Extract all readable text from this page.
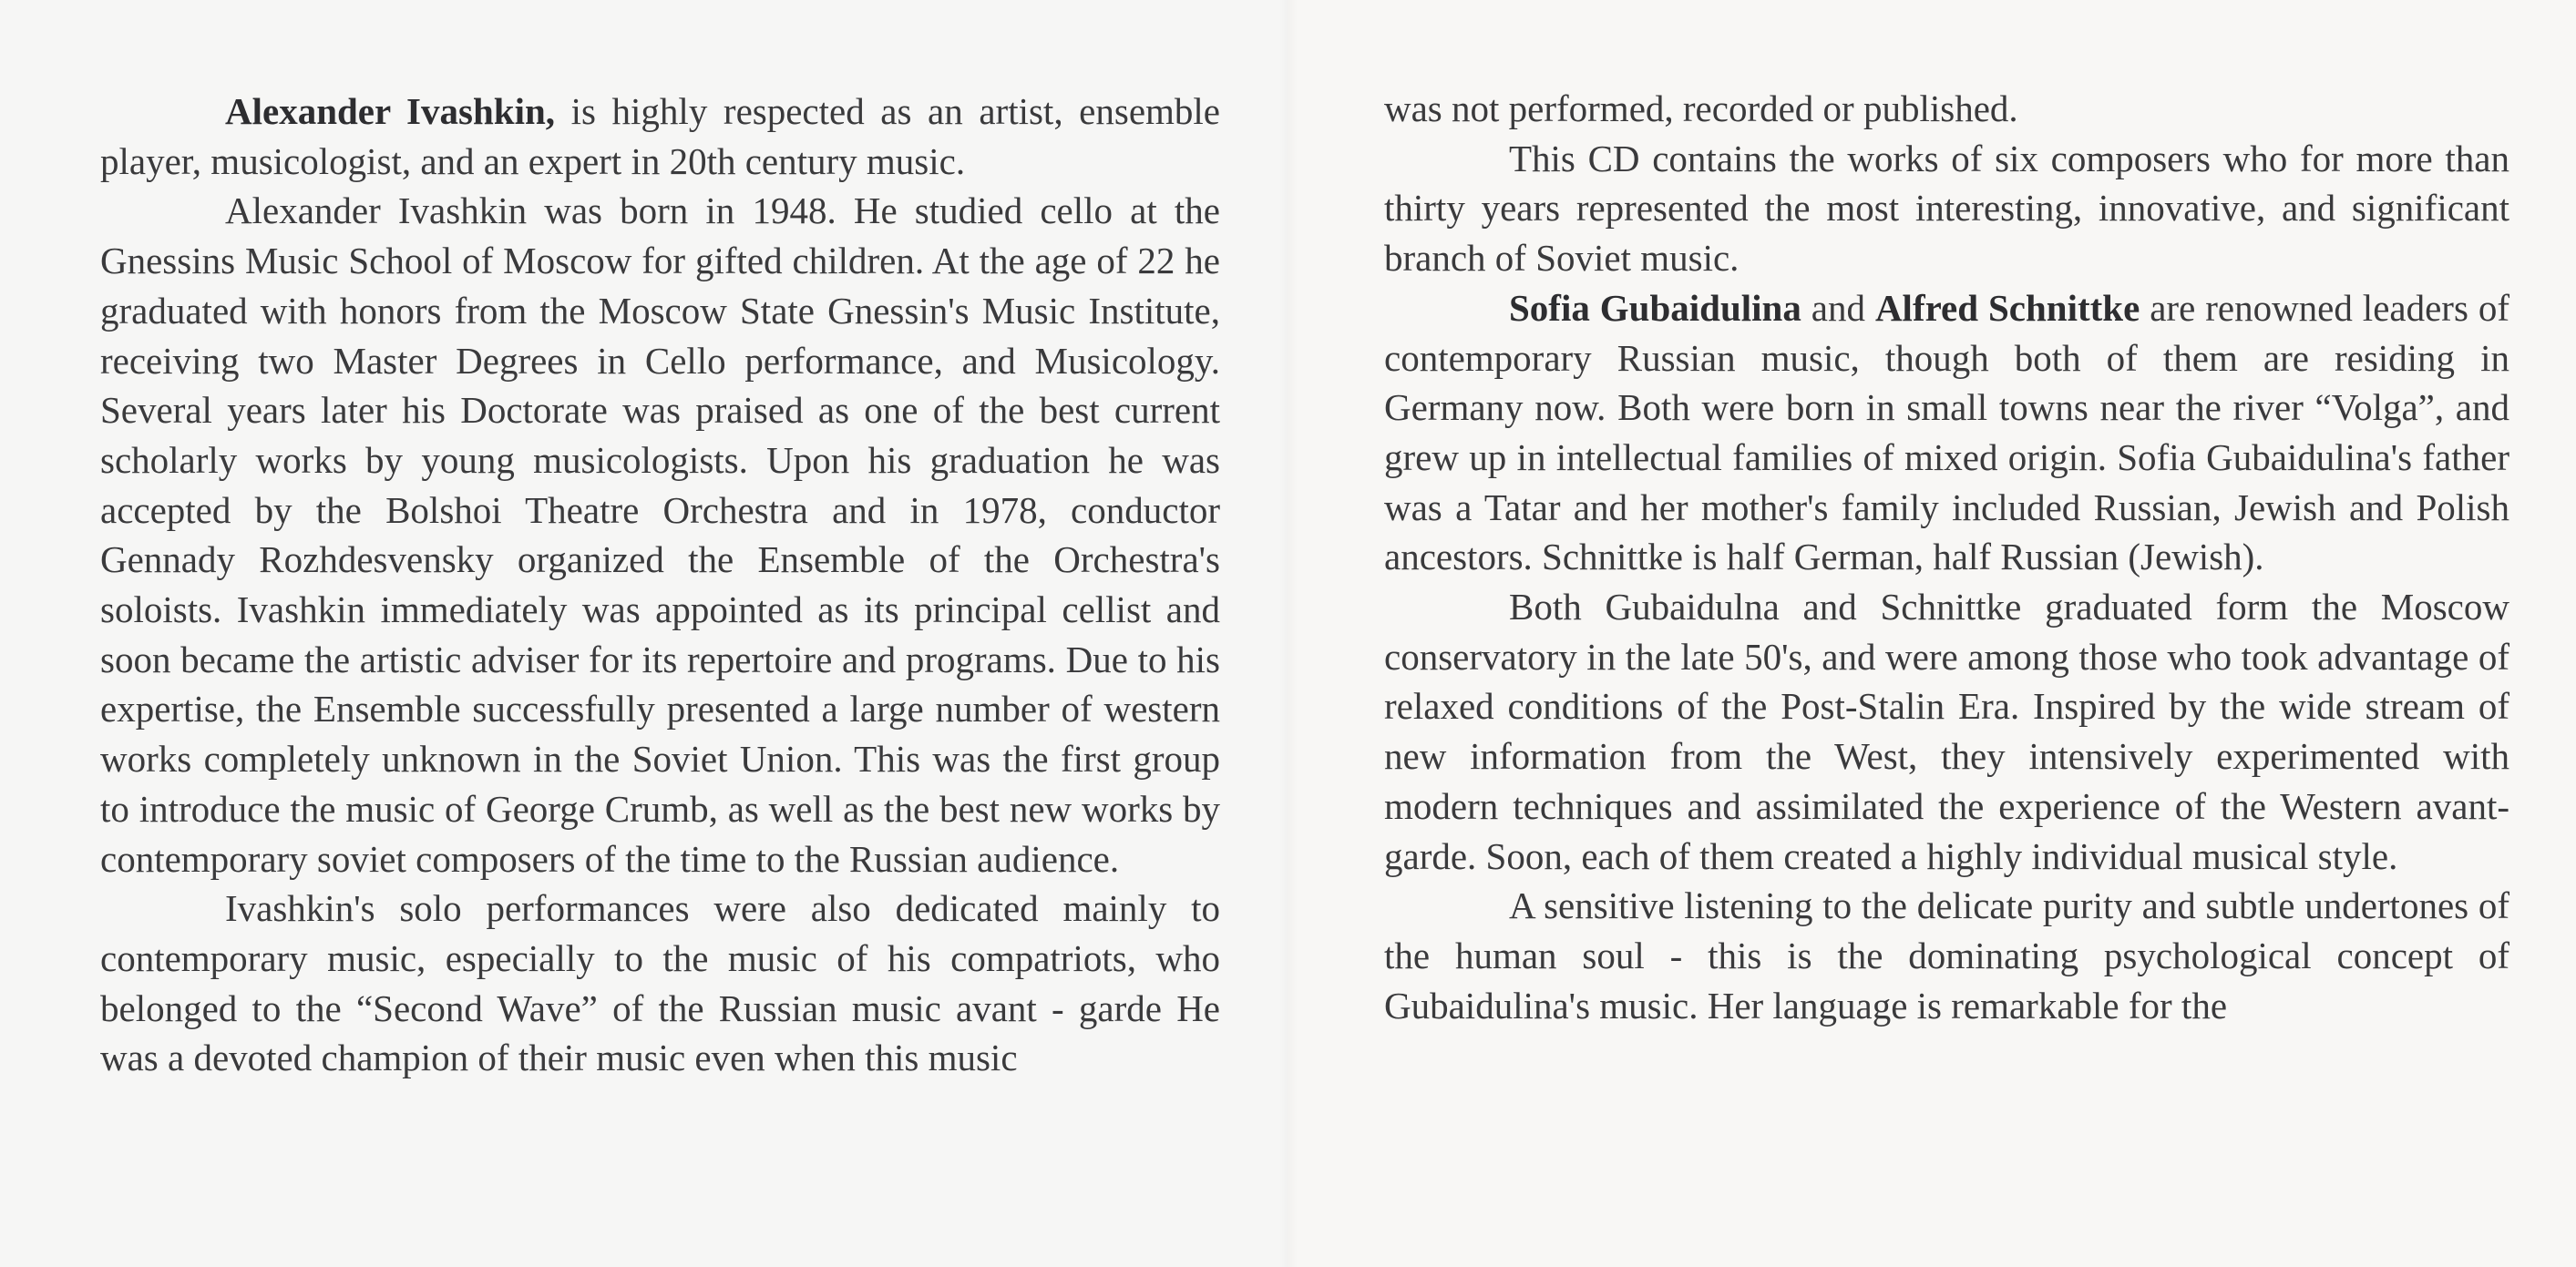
Alexander Ivashkin, is highly respected as an artist, ensemble player, musicologist, and an expert in 20th century music.

Alexander Ivashkin was born in 1948. He studied cello at the Gnessins Music School of Moscow for gifted children. At the age of 22 he graduated with honors from the Moscow State Gnessin's Music Institute, receiving two Master Degrees in Cello performance, and Musicology. Several years later his Doctorate was praised as one of the best current scholarly works by young musicologists. Upon his graduation he was accepted by the Bolshoi Theatre Orchestra and in 1978, conductor Gennady Rozhdesvensky organized the Ensemble of the Orchestra's soloists. Ivashkin immediately was appointed as its principal cellist and soon became the artistic adviser for its repertoire and programs. Due to his expertise, the Ensemble successfully presented a large number of western works completely unknown in the Soviet Union. This was the first group to introduce the music of George Crumb, as well as the best new works by contemporary soviet composers of the time to the Russian audience.

Ivashkin's solo performances were also dedicated mainly to contemporary music, especially to the music of his compatriots, who belonged to the “Second Wave” of the Russian music avant - garde He was a devoted champion of their music even when this music

was not performed, recorded or published.

This CD contains the works of six composers who for more than thirty years represented the most interesting, innovative, and significant branch of Soviet music.

Sofia Gubaidulina and Alfred Schnittke are renowned leaders of contemporary Russian music, though both of them are residing in Germany now. Both were born in small towns near the river “Volga”, and grew up in intellectual families of mixed origin. Sofia Gubaidulina's father was a Tatar and her mother's family included Russian, Jewish and Polish ancestors. Schnittke is half German, half Russian (Jewish).

Both Gubaidulna and Schnittke graduated form the Moscow conservatory in the late 50's, and were among those who took advantage of relaxed conditions of the Post-Stalin Era. Inspired by the wide stream of new information from the West, they intensively experimented with modern techniques and assimilated the experience of the Western avant-garde. Soon, each of them created a highly individual musical style.

A sensitive listening to the delicate purity and subtle undertones of the human soul - this is the dominating psychological concept of Gubaidulina's music. Her language is remarkable for the
